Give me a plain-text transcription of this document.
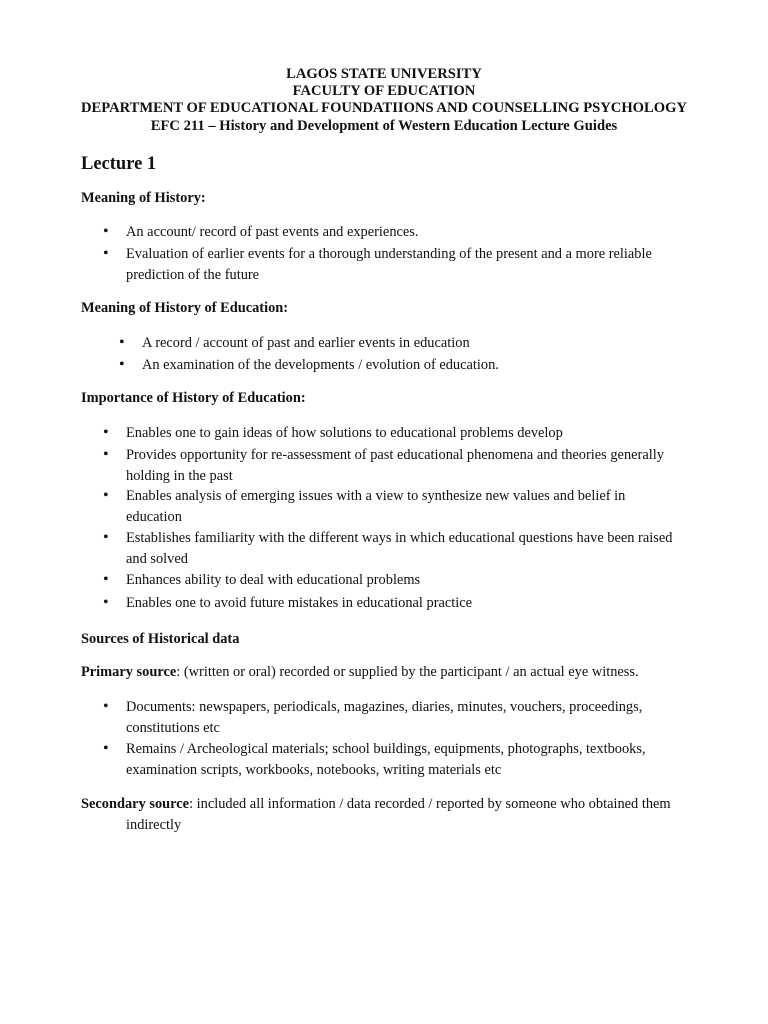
LAGOS STATE UNIVERSITY
FACULTY OF EDUCATION
DEPARTMENT OF EDUCATIONAL FOUNDATIIONS AND COUNSELLING PSYCHOLOGY
EFC 211 – History and Development of Western Education Lecture Guides
Lecture 1
Meaning of History:
• An account/ record of past events and experiences.
• Evaluation of earlier events for a thorough understanding of the present and a more reliable
prediction of the future
Meaning of History of Education:
• A record / account of past and earlier events in education
• An examination of the developments / evolution of education.
Importance of History of Education:
• Enables one to gain ideas of how solutions to educational problems develop
• Provides opportunity for re-assessment of past educational phenomena and theories generally
holding in the past
• Enables analysis of emerging issues with a view to synthesize new values and belief in
education
• Establishes familiarity with the different ways in which educational questions have been raised
and solved
• Enhances ability to deal with educational problems
• Enables one to avoid future mistakes in educational practice
Sources of Historical data
Primary source: (written or oral) recorded or supplied by the participant / an actual eye witness.
• Documents: newspapers, periodicals, magazines, diaries, minutes, vouchers, proceedings,
constitutions etc
• Remains / Archeological materials; school buildings, equipments, photographs, textbooks,
examination scripts, workbooks, notebooks, writing materials etc
Secondary source: included all information / data recorded / reported by someone who obtained them
indirectly
